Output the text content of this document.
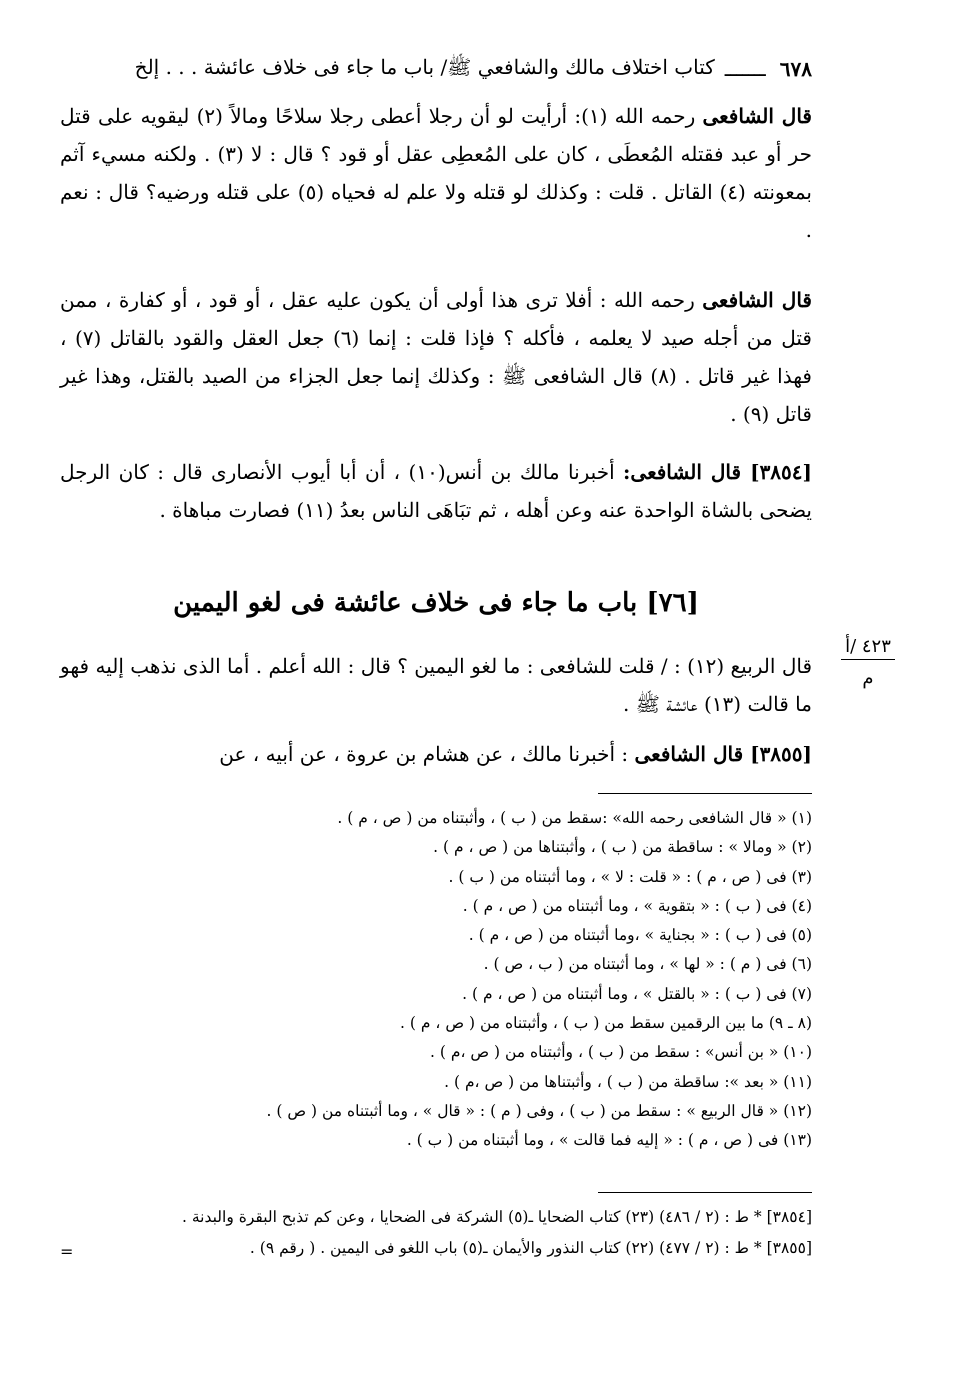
٦٧٨
ـــــــ
كتاب اختلاف مالك والشافعي ﷺ/ باب ما جاء فى خلاف عائشة . . . إلخ
قال الشافعى رحمه الله (١): أرأيت لو أن رجلا أعطى رجلا سلاحًا ومالاً (٢) ليقويه على قتل حر أو عبد فقتله المُعطَى ، كان على المُعطِى عقل أو قود ؟ قال : لا (٣) . ولكنه مسيء آثم بمعونته (٤) القاتل . قلت : وكذلك لو قتله ولا علم له فحياه (٥) على قتله ورضيه؟ قال : نعم .
قال الشافعى رحمه الله : أفلا ترى هذا أولى أن يكون عليه عقل ، أو قود ، أو كفارة ، ممن قتل من أجله صيد لا يعلمه ، فأكله ؟ فإذا قلت : إنما (٦) جعل العقل والقود بالقاتل (٧) ، فهذا غير قاتل . (٨) قال الشافعى ﷺ : وكذلك إنما جعل الجزاء من الصيد بالقتل، وهذا غير قاتل (٩) .
[٣٨٥٤] قال الشافعى: أخبرنا مالك بن أنس(١٠) ، أن أبا أيوب الأنصارى قال : كان الرجل يضحى بالشاة الواحدة عنه وعن أهله ، ثم تبَاهَى الناس بعدُ (١١) فصارت مباهاة .
[٧٦] باب ما جاء فى خلاف عائشة فى لغو اليمين
٤٢٣ /أ
م
قال الربيع (١٢) : / قلت للشافعى : ما لغو اليمين ؟ قال : الله أعلم . أما الذى نذهب إليه فهو ما قالت (١٣) عائشة ﷺ .
[٣٨٥٥] قال الشافعى : أخبرنا مالك ، عن هشام بن عروة ، عن أبيه ، عن
(١) « قال الشافعى رحمه الله» :سقط من ( ب ) ، وأثبتناه من ( ص ، م ) .
(٢) « ومالا » : ساقطة من ( ب ) ، وأثبتناها من ( ص ، م ) .
(٣) فى ( ص ، م ) : « قلت : لا » ، وما أثبتناه من ( ب ) .
(٤) فى ( ب ) : « بتقوية » ، وما أثبتناه من ( ص ، م ) .
(٥) فى ( ب ) : « بجناية » ،وما أثبتناه من ( ص ، م ) .
(٦) فى ( م ) : « لها » ، وما أثبتناه من ( ب ، ص ) .
(٧) فى ( ب ) : « بالقتل » ، وما أثبتناه من ( ص ، م ) .
(٨ ـ ٩) ما بين الرقمين سقط من ( ب ) ، وأثبتناه من ( ص ، م ) .
(١٠) « بن أنس» : سقط من ( ب ) ، وأثبتناه من ( ص ،م ) .
(١١) « بعد »: ساقطة من ( ب ) ، وأثبتناها من ( ص ،م ) .
(١٢) « قال الربيع » : سقط من ( ب ) ، وفى ( م ) : « قال » ، وما أثبتناه من ( ص ) .
(١٣) فى ( ص ، م ) : « إليه فما قالت » ، وما أثبتناه من ( ب ) .
[٣٨٥٤] * ط : (٢ / ٤٨٦) (٢٣) كتاب الضحايا ـ(٥) الشركة فى الضحايا ، وعن كم تذبح البقرة والبدنة .
[٣٨٥٥] * ط : (٢ / ٤٧٧) (٢٢) كتاب النذور والأيمان ـ(٥) باب اللغو فى اليمين . ( رقم ٩) .
=
